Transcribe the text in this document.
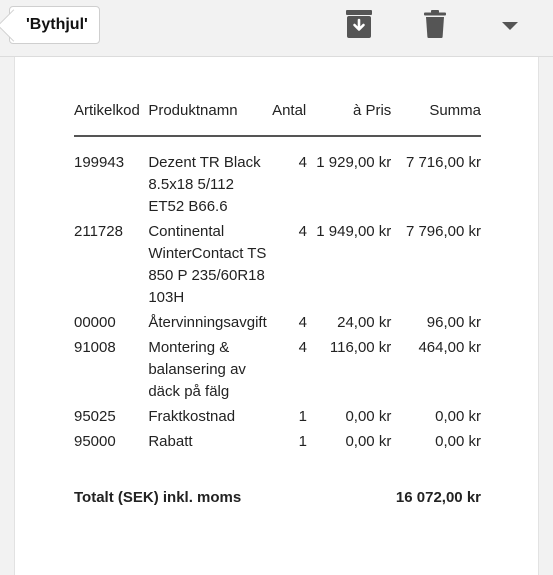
'Bythjul'
Artikelkod	Produktnamn	Antal	à Pris	Summa

199943	Dezent TR Black
8.5x18 5/112
ET52 B66.6	4	1 929,00 kr	7 716,00 kr
211728	Continental
WinterContact TS
850 P 235/60R18
103H	4	1 949,00 kr	7 796,00 kr
00000	Återvinningsavgift	4	24,00 kr	96,00 kr
91008	Montering &
balansering av
däck på fälg	4	116,00 kr	464,00 kr
95025	Fraktkostnad	1	0,00 kr	0,00 kr
95000	Rabatt	1	0,00 kr	0,00 kr
Totalt (SEK) inkl. moms				16 072,00 kr
